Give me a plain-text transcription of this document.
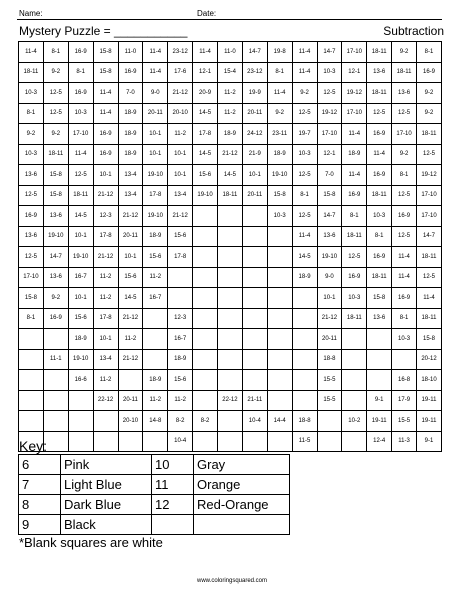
Name:	Date:
Mystery Puzzle = ___________	Subtraction
11-4	8-1	16-9	15-8	11-0	11-4	23-12	11-4	11-0	14-7	19-8	11-4	14-7	17-10	18-11	9-2	8-1
18-11	9-2	8-1	15-8	16-9	11-4	17-6	12-1	15-4	23-12	8-1	11-4	10-3	12-1	13-6	18-11	16-9
10-3	12-5	16-9	11-4	7-0	9-0	21-12	20-9	11-2	19-9	11-4	9-2	12-5	19-12	18-11	13-6	9-2
8-1	12-5	10-3	11-4	18-9	20-11	20-10	14-5	11-2	20-11	9-2	12-5	19-12	17-10	12-5	12-5	9-2
9-2	9-2	17-10	16-9	18-9	10-1	11-2	17-8	18-9	24-12	23-11	19-7	17-10	11-4	16-9	17-10	18-11
10-3	18-11	11-4	16-9	18-9	10-1	10-1	14-5	21-12	21-9	18-9	10-3	12-1	18-9	11-4	9-2	12-5
13-6	15-8	12-5	10-1	13-4	19-10	10-1	15-6	14-5	10-1	19-10	12-5	7-0	11-4	16-9	8-1	19-12
12-5	15-8	18-11	21-12	13-4	17-8	13-4	19-10	18-11	20-11	15-8	8-1	15-8	16-9	18-11	12-5	17-10
16-9	13-6	14-5	12-3	21-12	19-10	21-12				10-3	12-5	14-7	8-1	10-3	16-9	17-10
13-6	19-10	10-1	17-8	20-11	18-9	15-6					11-4	13-6	18-11	8-1	12-5	14-7
12-5	14-7	19-10	21-12	10-1	15-6	17-8					14-5	19-10	12-5	16-9	11-4	18-11
17-10	13-6	16-7	11-2	15-6	11-2						18-9	9-0	16-9	18-11	11-4	12-5
15-8	9-2	10-1	11-2	14-5	16-7							10-1	10-3	15-8	16-9	11-4
8-1	16-9	15-6	17-8	21-12		12-3						21-12	18-11	13-6	8-1	18-11
		18-9	10-1	11-2		16-7						20-11			10-3	15-8
	11-1	19-10	13-4	21-12		18-9						18-8				20-12
		16-6	11-2		18-9	15-6						15-5			16-8	18-10
			22-12	20-11	11-2	11-2		22-12	21-11			15-5		9-1	17-9	19-11
				20-10	14-8	8-2	8-2		10-4	14-4	18-8		10-2	19-11	15-5	19-11
						10-4					11-5			12-4	11-3	9-1
Key:
6	Pink	10	Gray
7	Light Blue	11	Orange
8	Dark Blue	12	Red-Orange
9	Black		
*Blank squares are white
www.coloringsquared.com
